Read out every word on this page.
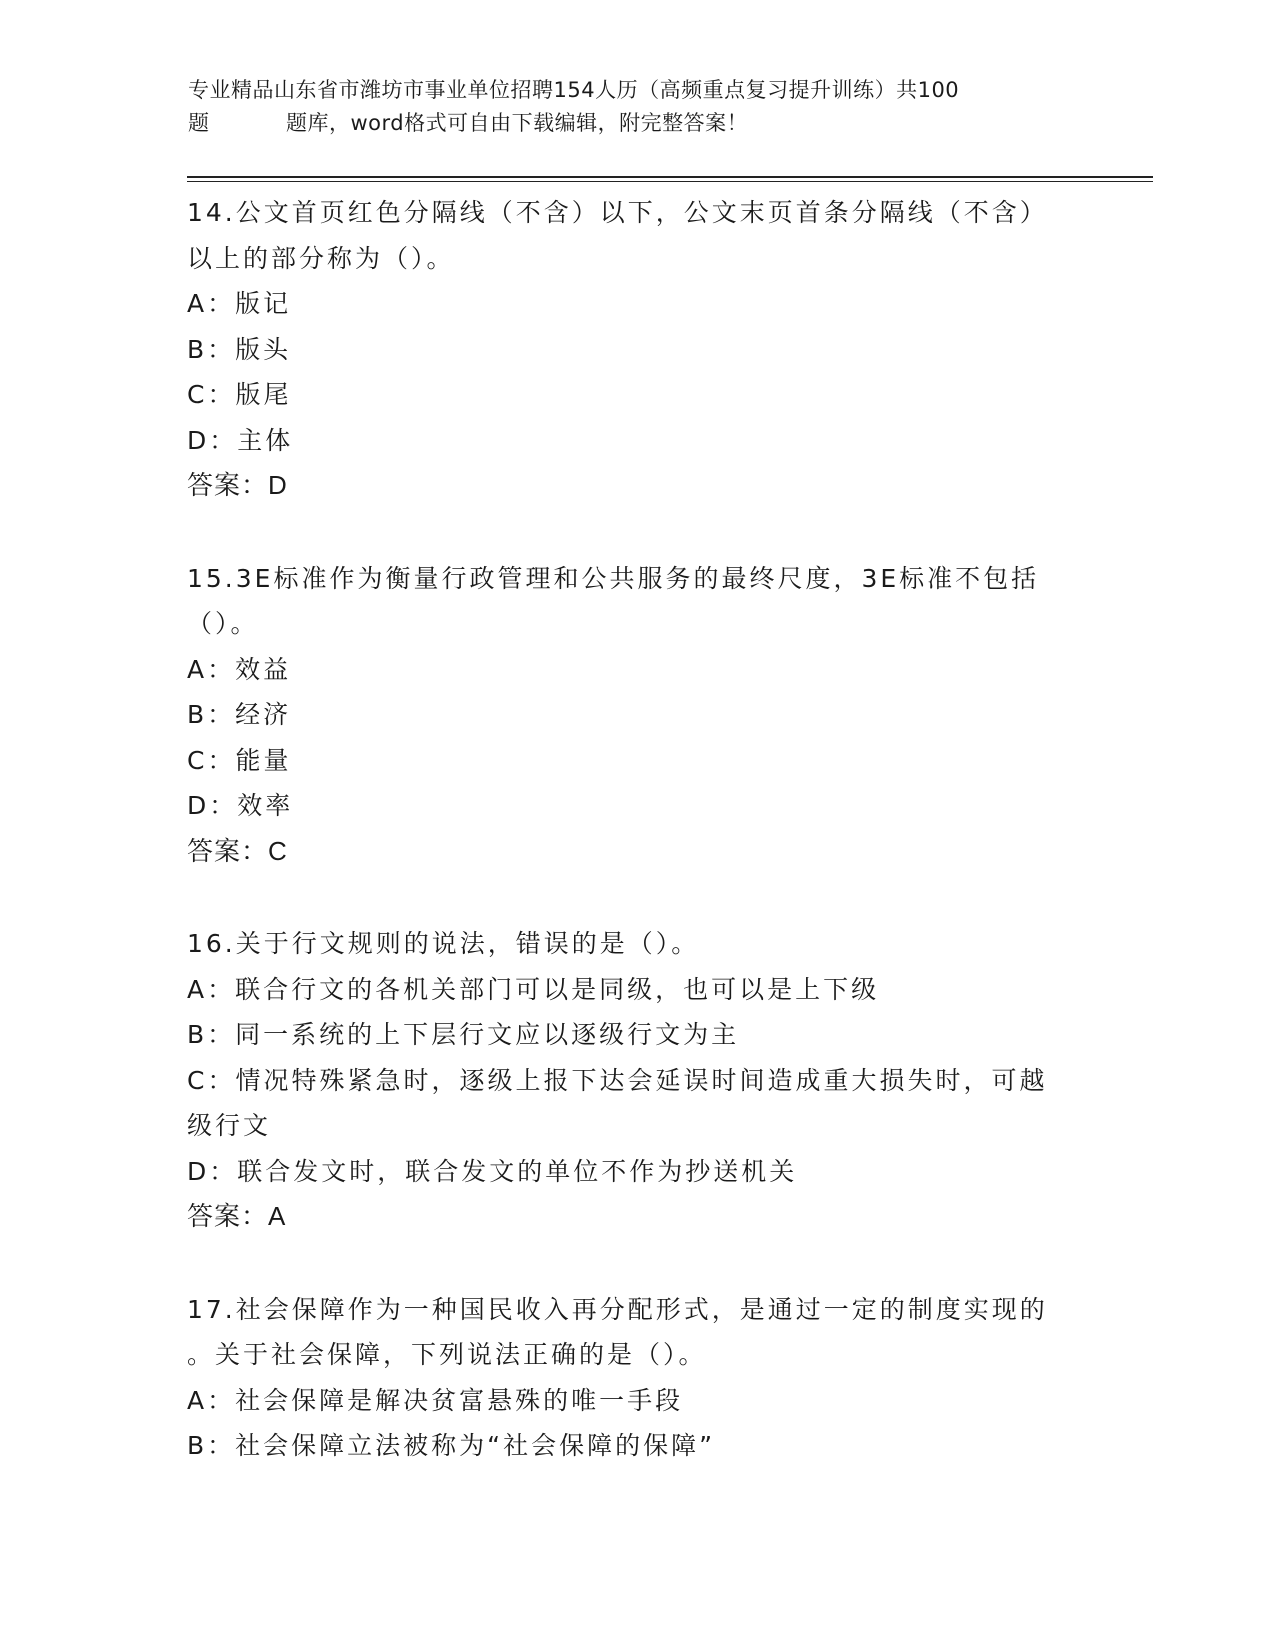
专业精品山东省市潍坊市事业单位招聘154人历（高频重点复习提升训练）共100
题	题库，word格式可自由下载编辑，附完整答案！
14.公文首页红色分隔线（不含）以下，公文末页首条分隔线（不含）
以上的部分称为（）。
A：版记
B：版头
C：版尾
D：主体
答案：D
15.3E标准作为衡量行政管理和公共服务的最终尺度，3E标准不包括
（）。
A：效益
B：经济
C：能量
D：效率
答案：C
16.关于行文规则的说法，错误的是（）。
A：联合行文的各机关部门可以是同级，也可以是上下级
B：同一系统的上下层行文应以逐级行文为主
C：情况特殊紧急时，逐级上报下达会延误时间造成重大损失时，可越
级行文
D：联合发文时，联合发文的单位不作为抄送机关
答案：A
17.社会保障作为一种国民收入再分配形式，是通过一定的制度实现的
。关于社会保障，下列说法正确的是（）。
A：社会保障是解决贫富悬殊的唯一手段
B：社会保障立法被称为“社会保障的保障”
